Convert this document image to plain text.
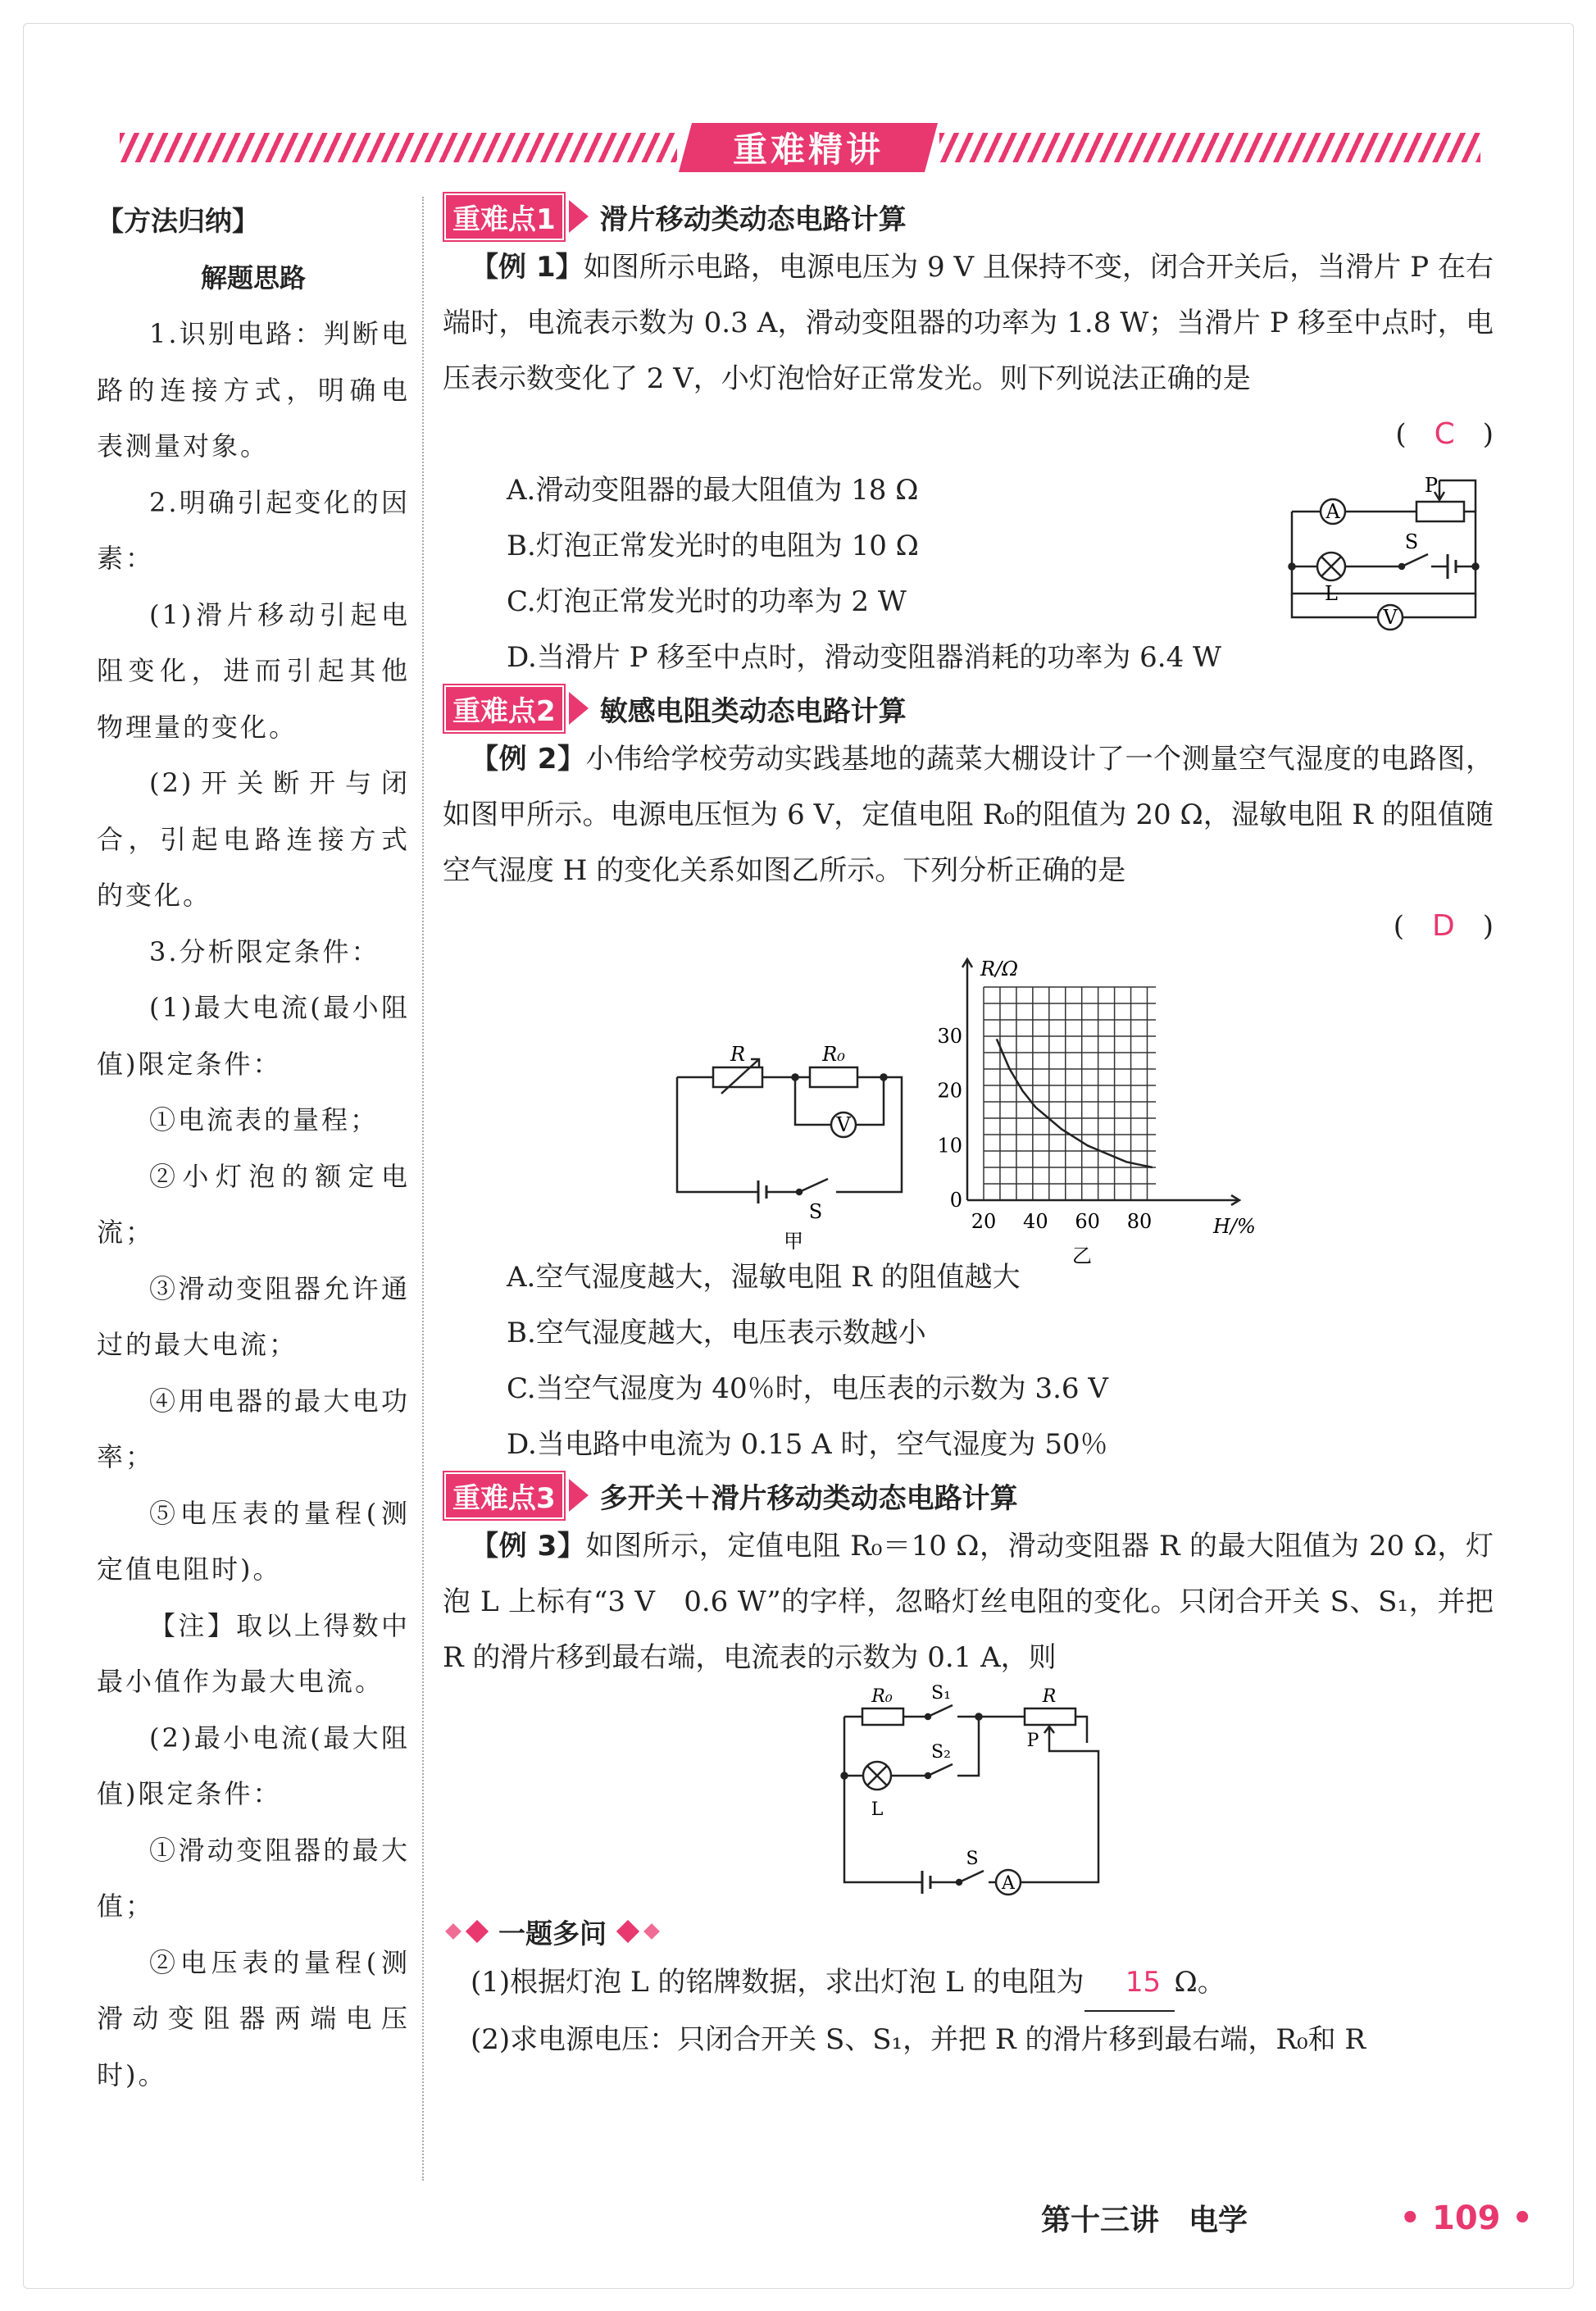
重难精讲

【方法归纳】

解题思路

1.识别电路：判断电路的连接方式，明确电表测量对象。

2.明确引起变化的因素：

(1)滑片移动引起电阻变化，进而引起其他物理量的变化。

(2)开关断开与闭合，引起电路连接方式的变化。

3.分析限定条件：

(1)最大电流(最小阻值)限定条件：

①电流表的量程；

②小灯泡的额定电流；

③滑动变阻器允许通过的最大电流；

④用电器的最大电功率；

⑤电压表的量程(测定值电阻时)。

【注】取以上得数中最小值作为最大电流。

(2)最小电流(最大阻值)限定条件：

①滑动变阻器的最大值；

②电压表的量程(测滑动变阻器两端电压时)。

重难点1	滑片移动类动态电路计算

【例 1】如图所示电路，电源电压为 9 V 且保持不变，闭合开关后，当滑片 P 在右端时，电流表示数为 0.3 A，滑动变阻器的功率为 1.8 W；当滑片 P 移至中点时，电压表示数变化了 2 V，小灯泡恰好正常发光。则下列说法正确的是

(　C　)
A.滑动变阻器的最大阻值为 18 Ω
B.灯泡正常发光时的电阻为 10 Ω
C.灯泡正常发光时的功率为 2 W
D.当滑片 P 移至中点时，滑动变阻器消耗的功率为 6.4 W
A
V
P
S
L
重难点2	敏感电阻类动态电路计算

【例 2】小伟给学校劳动实践基地的蔬菜大棚设计了一个测量空气湿度的电路图，如图甲所示。电源电压恒为 6 V，定值电阻 R₀的阻值为 20 Ω，湿敏电阻 R 的阻值随空气湿度 H 的变化关系如图乙所示。下列分析正确的是

(　D　)
R	R₀
V
S
甲
20 40 60 80
0
10
20
30
H/%
R/Ω
乙
A.空气湿度越大，湿敏电阻 R 的阻值越大
B.空气湿度越大，电压表示数越小
C.当空气湿度为 40％时，电压表的示数为 3.6 V
D.当电路中电流为 0.15 A 时，空气湿度为 50％
重难点3	多开关＋滑片移动类动态电路计算

【例 3】如图所示，定值电阻 R₀＝10 Ω，滑动变阻器 R 的最大阻值为 20 Ω，灯泡 L 上标有“3 V　0.6 W”的字样，忽略灯丝电阻的变化。只闭合开关 S、S₁，并把 R 的滑片移到最右端，电流表的示数为 0.1 A，则

R₀ S₁	R
P
S₂
L
S
A
一题多问

(1)根据灯泡 L 的铭牌数据，求出灯泡 L 的电阻为 15 Ω。

(2)求电源电压：只闭合开关 S、S₁，并把 R 的滑片移到最右端，R₀和 R

第十三讲　电学	• 109 •
